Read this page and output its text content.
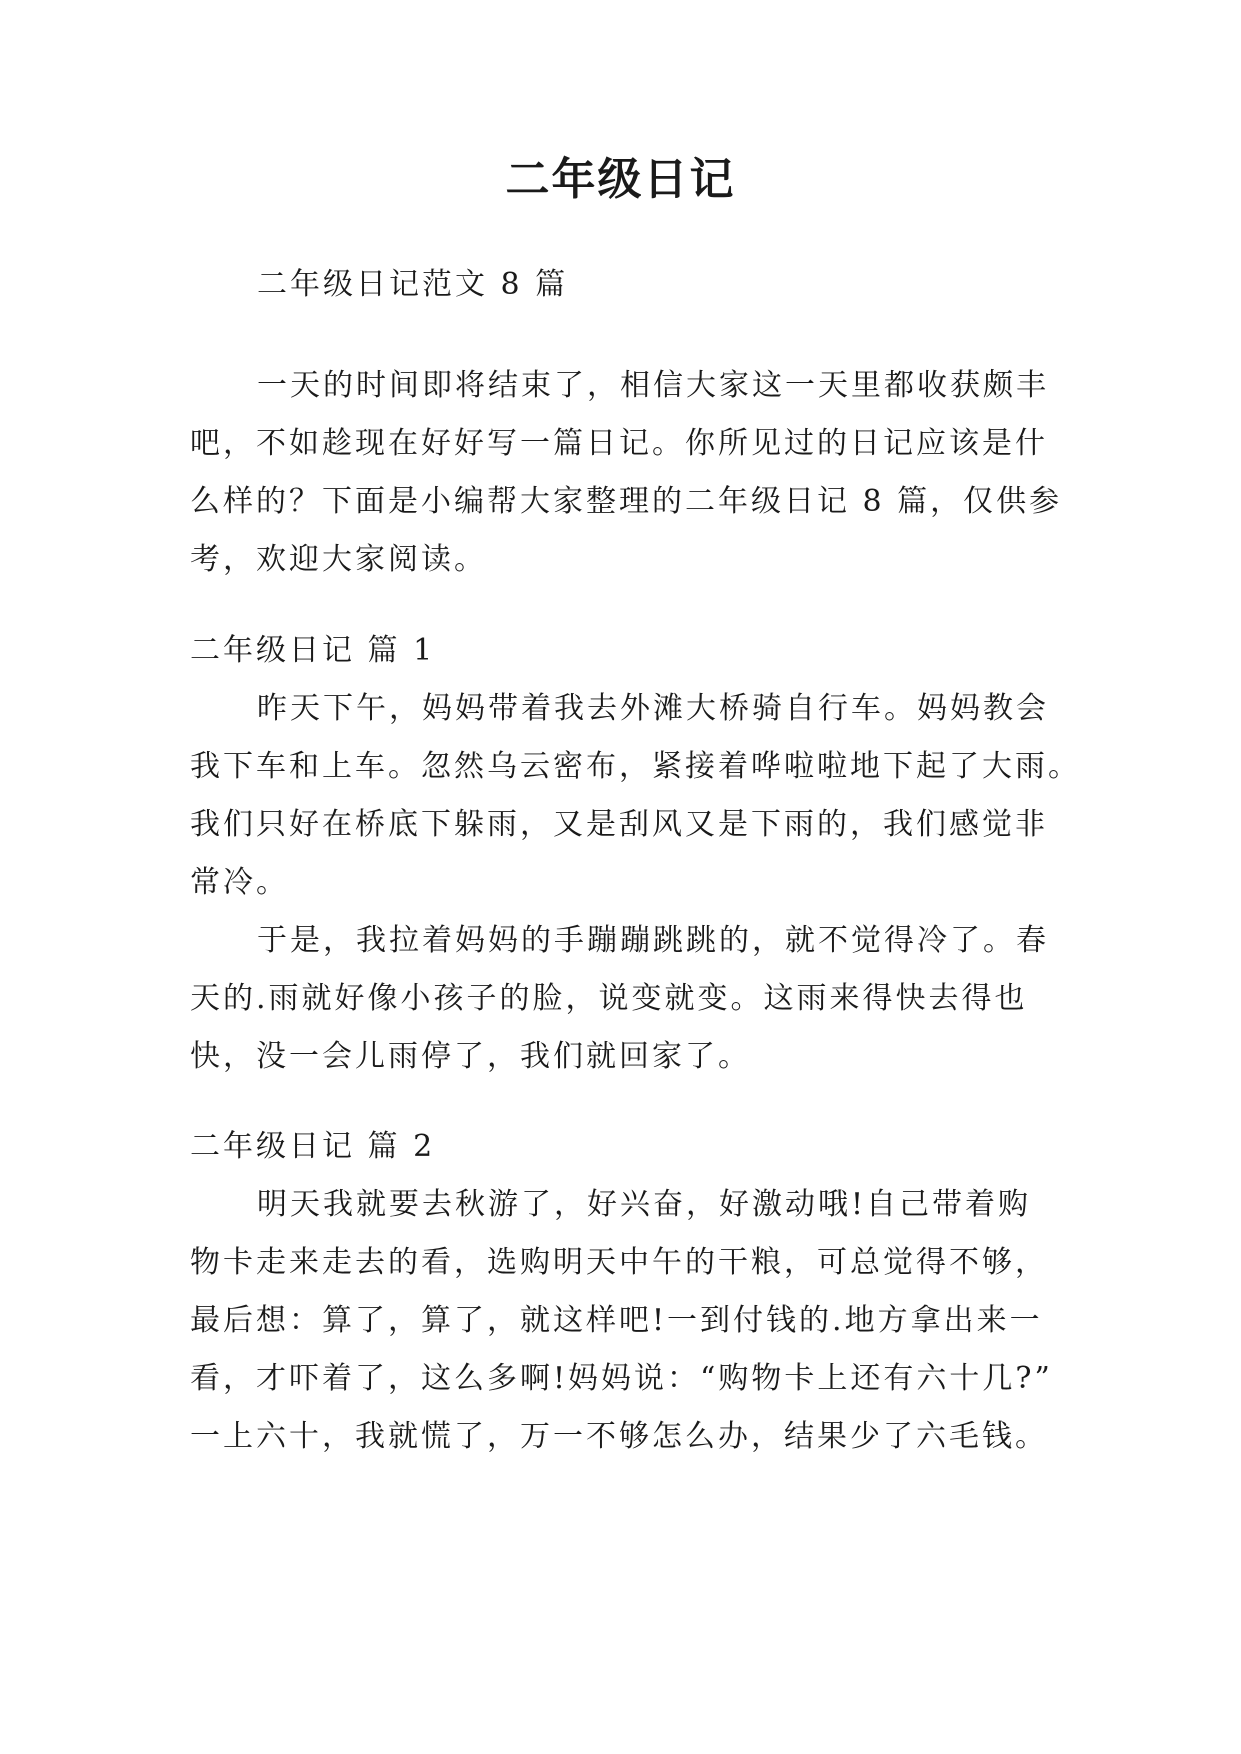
二年级日记

二年级日记范文 8 篇

一天的时间即将结束了，相信大家这一天里都收获颇丰

吧，不如趁现在好好写一篇日记。你所见过的日记应该是什

么样的？下面是小编帮大家整理的二年级日记 8 篇，仅供参

考，欢迎大家阅读。

二年级日记 篇 1

昨天下午，妈妈带着我去外滩大桥骑自行车。妈妈教会

我下车和上车。忽然乌云密布，紧接着哗啦啦地下起了大雨。

我们只好在桥底下躲雨，又是刮风又是下雨的，我们感觉非

常冷。

于是，我拉着妈妈的手蹦蹦跳跳的，就不觉得冷了。春

天的.雨就好像小孩子的脸，说变就变。这雨来得快去得也

快，没一会儿雨停了，我们就回家了。

二年级日记 篇 2

明天我就要去秋游了，好兴奋，好激动哦!自己带着购

物卡走来走去的看，选购明天中午的干粮，可总觉得不够，

最后想：算了，算了，就这样吧!一到付钱的.地方拿出来一

看，才吓着了，这么多啊!妈妈说：“购物卡上还有六十几?”

一上六十，我就慌了，万一不够怎么办，结果少了六毛钱。
